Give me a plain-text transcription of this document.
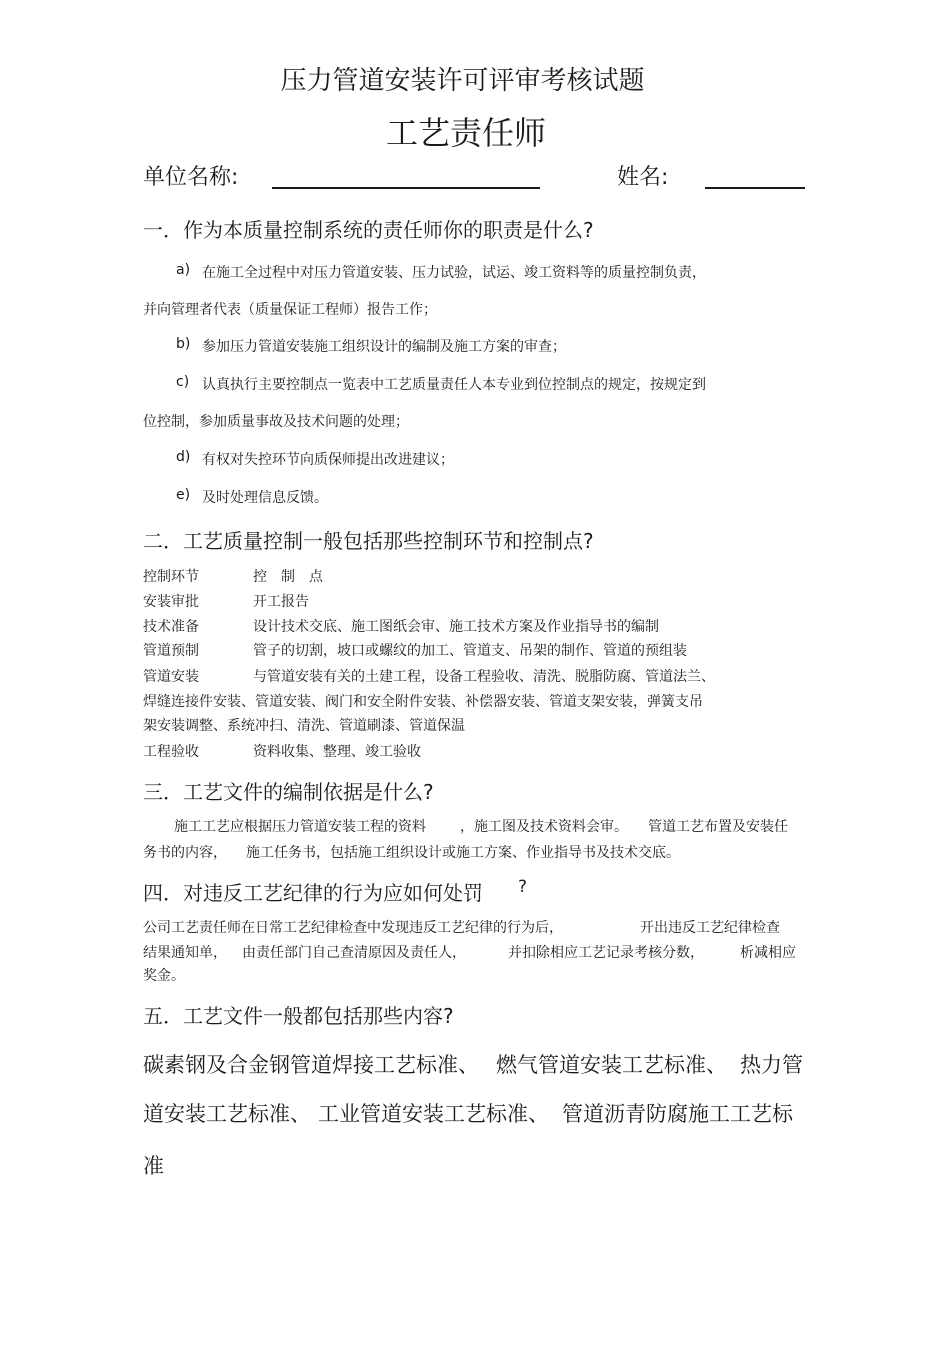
压力管道安装许可评审考核试题
工艺责任师
单位名称:	姓名:
一．作为本质量控制系统的责任师你的职责是什么?
a) 在施工全过程中对压力管道安装、压力试验，试运、竣工资料等的质量控制负责，
并向管理者代表（质量保证工程师）报告工作；
b) 参加压力管道安装施工组织设计的编制及施工方案的审查；
c) 认真执行主要控制点一览表中工艺质量责任人本专业到位控制点的规定，按规定到
位控制，参加质量事故及技术问题的处理；
d) 有权对失控环节向质保师提出改进建议；
e) 及时处理信息反馈。
二．工艺质量控制一般包括那些控制环节和控制点?
控制环节	控　制　点
安装审批	开工报告
技术准备	设计技术交底、施工图纸会审、施工技术方案及作业指导书的编制
管道预制	管子的切割，坡口或螺纹的加工、管道支、吊架的制作、管道的预组装
管道安装	与管道安装有关的土建工程，设备工程验收、清洗、脱脂防腐、管道法兰、
焊缝连接件安装、管道安装、阀门和安全附件安装、补偿器安装、管道支架安装，弹簧支吊
架安装调整、系统冲扫、清洗、管道刷漆、管道保温
工程验收	资料收集、整理、竣工验收
三．工艺文件的编制依据是什么?
施工工艺应根据压力管道安装工程的资料 ，施工图及技术资料会审。 管道工艺布置及安装任
务书的内容， 施工任务书，包括施工组织设计或施工方案、作业指导书及技术交底。
四．对违反工艺纪律的行为应如何处罚 ?
公司工艺责任师在日常工艺纪律检查中发现违反工艺纪律的行为后，	开出违反工艺纪律检查
结果通知单， 由责任部门自己查清原因及责任人，	并扣除相应工艺记录考核分数，	析减相应
奖金。
五．工艺文件一般都包括那些内容?
碳素钢及合金钢管道焊接工艺标准、 燃气管道安装工艺标准、 热力管
道安装工艺标准、 工业管道安装工艺标准、 管道沥青防腐施工工艺标
准
